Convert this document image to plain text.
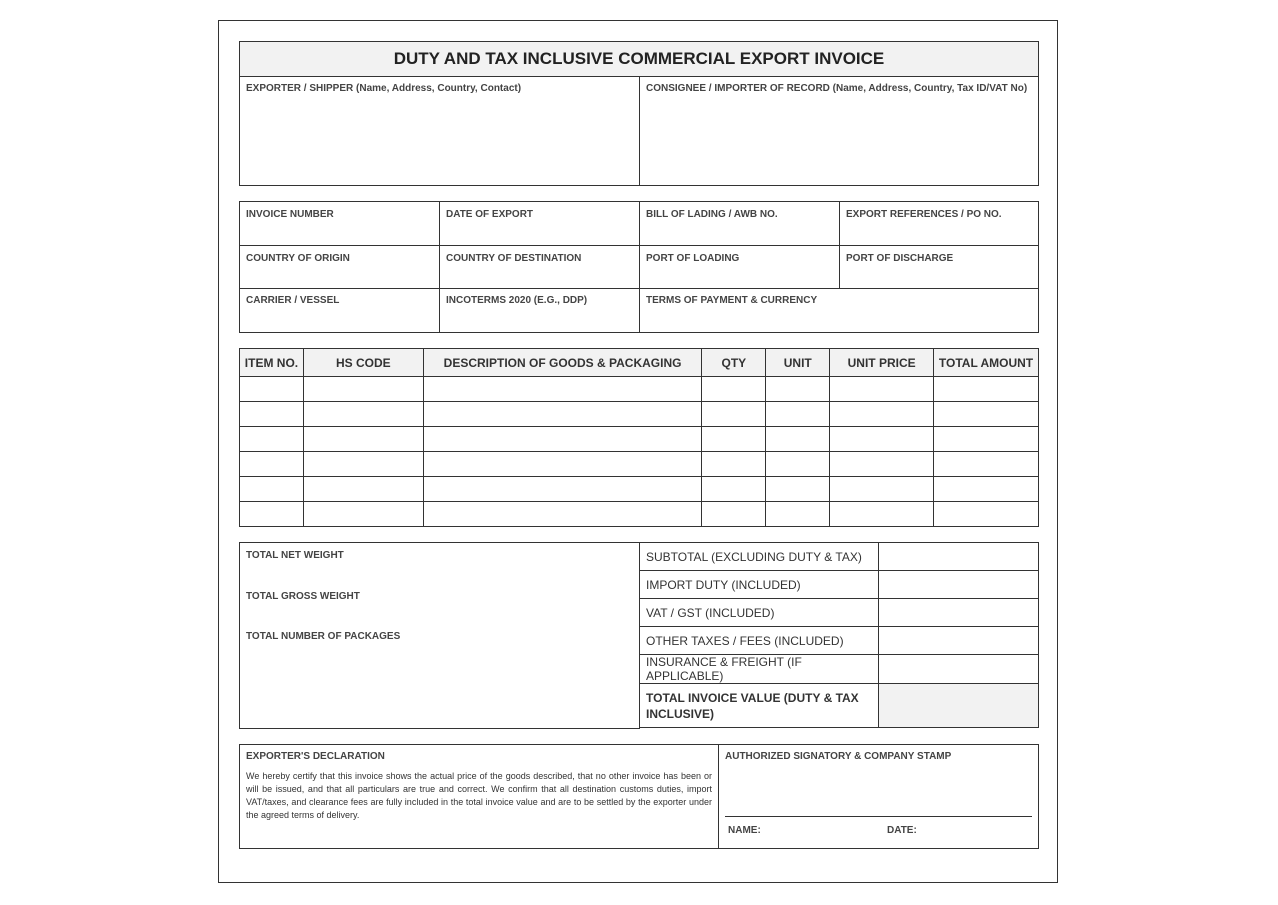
DUTY AND TAX INCLUSIVE COMMERCIAL EXPORT INVOICE
EXPORTER / SHIPPER (Name, Address, Country, Contact)	CONSIGNEE / IMPORTER OF RECORD (Name, Address, Country, Tax ID/VAT No)
INVOICE NUMBER	DATE OF EXPORT	BILL OF LADING / AWB NO.	EXPORT REFERENCES / PO NO.
COUNTRY OF ORIGIN	COUNTRY OF DESTINATION	PORT OF LOADING	PORT OF DISCHARGE
CARRIER / VESSEL	INCOTERMS 2020 (E.G., DDP)	TERMS OF PAYMENT & CURRENCY
ITEM NO.	HS CODE	DESCRIPTION OF GOODS & PACKAGING	QTY	UNIT	UNIT PRICE	TOTAL AMOUNT

TOTAL NET WEIGHT
TOTAL GROSS WEIGHT
TOTAL NUMBER OF PACKAGES
SUBTOTAL (EXCLUDING DUTY & TAX)	
IMPORT DUTY (INCLUDED)	
VAT / GST (INCLUDED)	
OTHER TAXES / FEES (INCLUDED)	
INSURANCE & FREIGHT (IF APPLICABLE)	
TOTAL INVOICE VALUE (DUTY & TAX INCLUSIVE)	
EXPORTER'S DECLARATION

We hereby certify that this invoice shows the actual price of the goods described, that no other invoice has been or will be issued, and that all particulars are true and correct. We confirm that all destination customs duties, import VAT/taxes, and clearance fees are fully included in the total invoice value and are to be settled by the exporter under the agreed terms of delivery.

AUTHORIZED SIGNATORY & COMPANY STAMP
NAME:	DATE:
